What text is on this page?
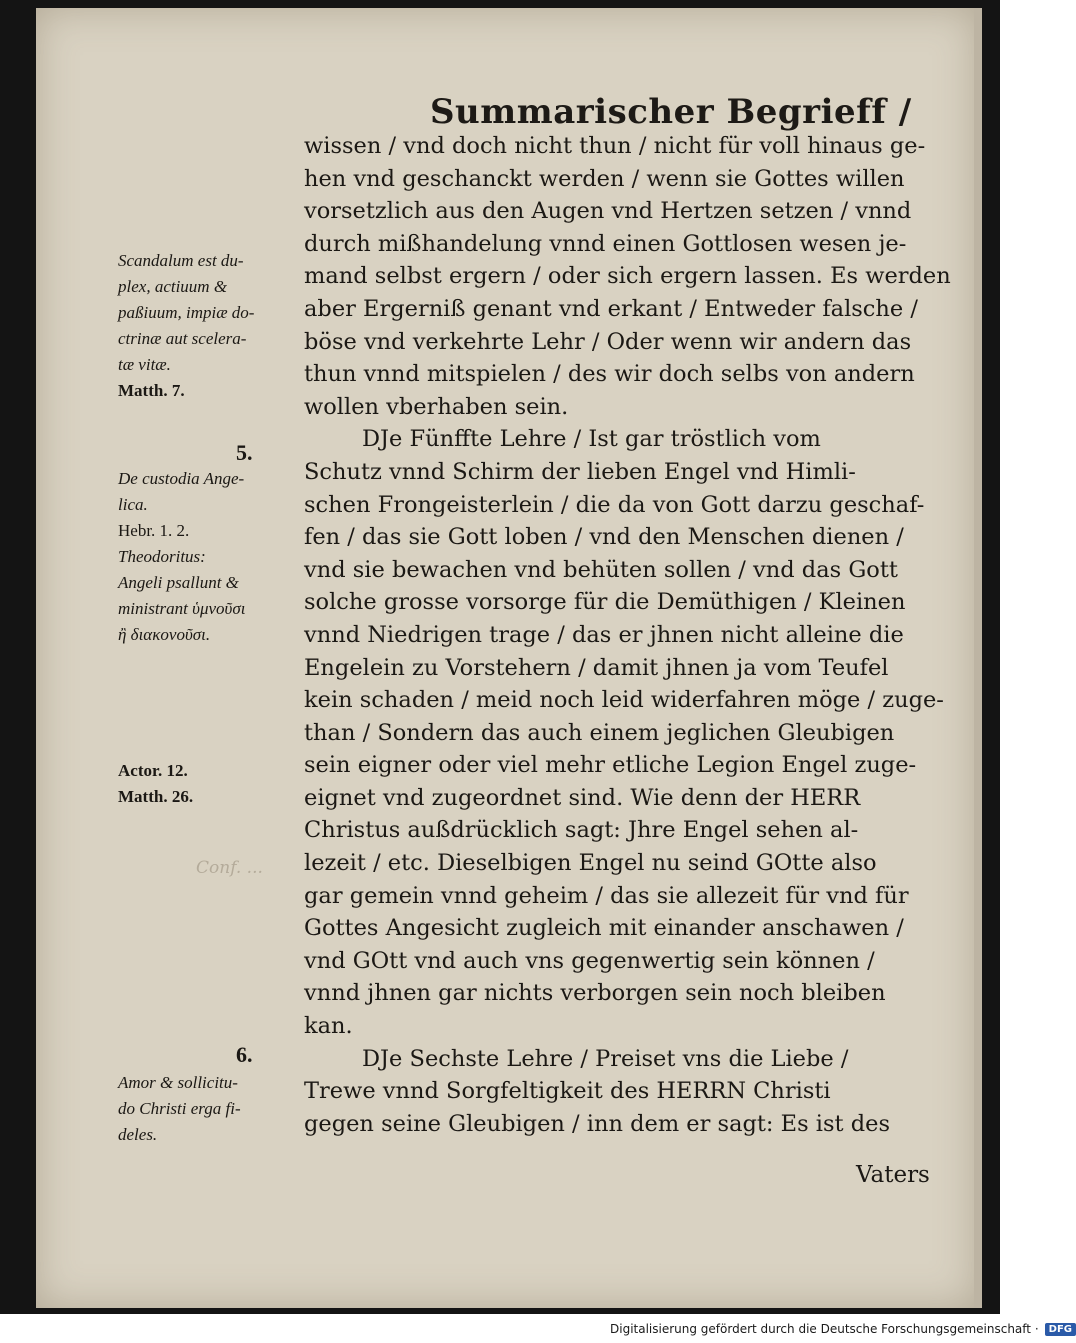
Summarischer Begrieff /
wissen / vnd doch nicht thun / nicht für voll hinaus ge-
hen vnd geschanckt werden / wenn sie Gottes willen
vorsetzlich aus den Augen vnd Hertzen setzen / vnnd
durch mißhandelung vnnd einen Gottlosen wesen je-
mand selbst ergern / oder sich ergern lassen. Es werden
aber Ergerniß genant vnd erkant / Entweder falsche /
böse vnd verkehrte Lehr / Oder wenn wir andern das
thun vnnd mitspielen / des wir doch selbs von andern
wollen vberhaben sein.
DJe Fünffte Lehre / Ist gar tröstlich vom
Schutz vnnd Schirm der lieben Engel vnd Himli-
schen Frongeisterlein / die da von Gott darzu geschaf-
fen / das sie Gott loben / vnd den Menschen dienen /
vnd sie bewachen vnd behüten sollen / vnd das Gott
solche grosse vorsorge für die Demüthigen / Kleinen
vnnd Niedrigen trage / das er jhnen nicht alleine die
Engelein zu Vorstehern / damit jhnen ja vom Teufel
kein schaden / meid noch leid widerfahren möge / zuge-
than / Sondern das auch einem jeglichen Gleubigen
sein eigner oder viel mehr etliche Legion Engel zuge-
eignet vnd zugeordnet sind. Wie denn der HERR
Christus außdrücklich sagt: Jhre Engel sehen al-
lezeit / etc. Dieselbigen Engel nu seind GOtte also
gar gemein vnnd geheim / das sie allezeit für vnd für
Gottes Angesicht zugleich mit einander anschawen /
vnd GOtt vnd auch vns gegenwertig sein können /
vnnd jhnen gar nichts verborgen sein noch bleiben
kan.
DJe Sechste Lehre / Preiset vns die Liebe /
Trewe vnnd Sorgfeltigkeit des HERRN Christi
gegen seine Gleubigen / inn dem er sagt: Es ist des
Vaters
Scandalum est du-
plex, actiuum &
paßiuum, impiæ do-
ctrinæ aut scelera-
tæ vitæ.
Matth. 7.
5.
De custodia Ange-
lica.
Hebr. 1. 2.
Theodoritus:
Angeli psallunt &
ministrant ὑμνοῦσι
ἢ διακονοῦσι.
Actor. 12.
Matth. 26.
6.
Amor & sollicitu-
do Christi erga fi-
deles.
Conf. ...
Digitalisierung gefördert durch die Deutsche Forschungsgemeinschaft ·	DFG
